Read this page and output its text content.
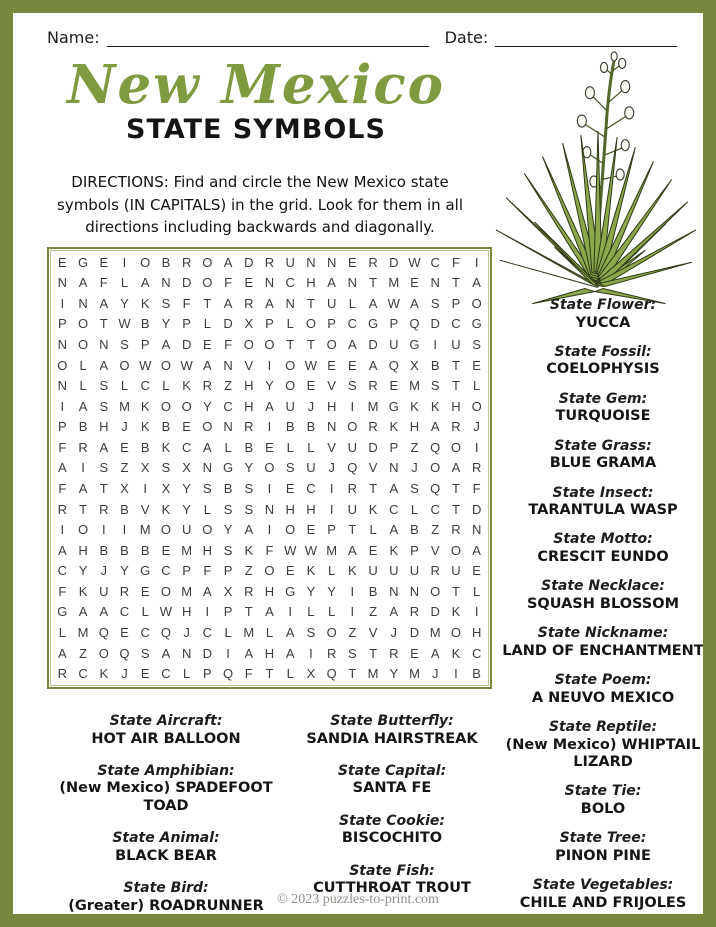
Name:	Date:
New Mexico
STATE SYMBOLS
DIRECTIONS: Find and circle the New Mexico state symbols (IN CAPITALS) in the grid. Look for them in all directions including backwards and diagonally.
E G E	I	O B R O A D R U N N E R D W C F	I
N A F	L A N D O F E N C H A N T M E N T A
I	N A Y K S F T A R A N T U L A W A S P O
P O T W B Y P L D X P L O P C G P Q D C G
N O N S P A D E F O O T T O A D U G	I	U S
O L A O W O W A N V	I	O W E E A Q X B T E
N L S L C L K R Z H Y O E V S R E M S T	L
I	A S M K O O Y C H A U J H	I	M G K K H O
P B H J	K B E O N R	I	B B N O R K H A R J
F R A E B K C A L B E L	L V U D P Z Q O	I
A	I	S Z X S X N G Y O S U J Q V N J O A R
F A T X	I	X Y S B S	I	E C	I	R T A S Q T F
R T R B V K Y L S S N H H	I	U K C L C T D
I	O	I	I	M O U O Y A	I	O E P T	L A B Z R N
A H B B B E M H S K F W W M A E K P V O A
C Y	J	Y G C P F P Z O E K L K U U U R U E
F K U R E O M A X R H G Y Y	I	B N N O T	L
G A A C L W H	I	P T A	I	L	L	I	Z A R D K	I
L M Q E C Q J C L M L A S O Z V	J D M O H
A Z O Q S A N D	I	A H A	I	R S T R E A K C
R C K	J	E C L P Q F T	L X Q T M Y M J	I	B
State Flower:
YUCCA
State Fossil:
COELOPHYSIS
State Gem:
TURQUOISE
State Grass:
BLUE GRAMA
State Insect:
TARANTULA WASP
State Motto:
CRESCIT EUNDO
State Necklace:
SQUASH BLOSSOM
State Nickname:
LAND OF ENCHANTMENT
State Poem:
A NEUVO MEXICO
State Reptile:
(New Mexico) WHIPTAIL LIZARD
State Tie:
BOLO
State Tree:
PINON PINE
State Vegetables:
CHILE AND FRIJOLES
State Aircraft:
HOT AIR BALLOON
State Amphibian:
(New Mexico) SPADEFOOT TOAD
State Animal:
BLACK BEAR
State Bird:
(Greater) ROADRUNNER
State Butterfly:
SANDIA HAIRSTREAK
State Capital:
SANTA FE
State Cookie:
BISCOCHITO
State Fish:
CUTTHROAT TROUT
© 2023 puzzles-to-print.com
